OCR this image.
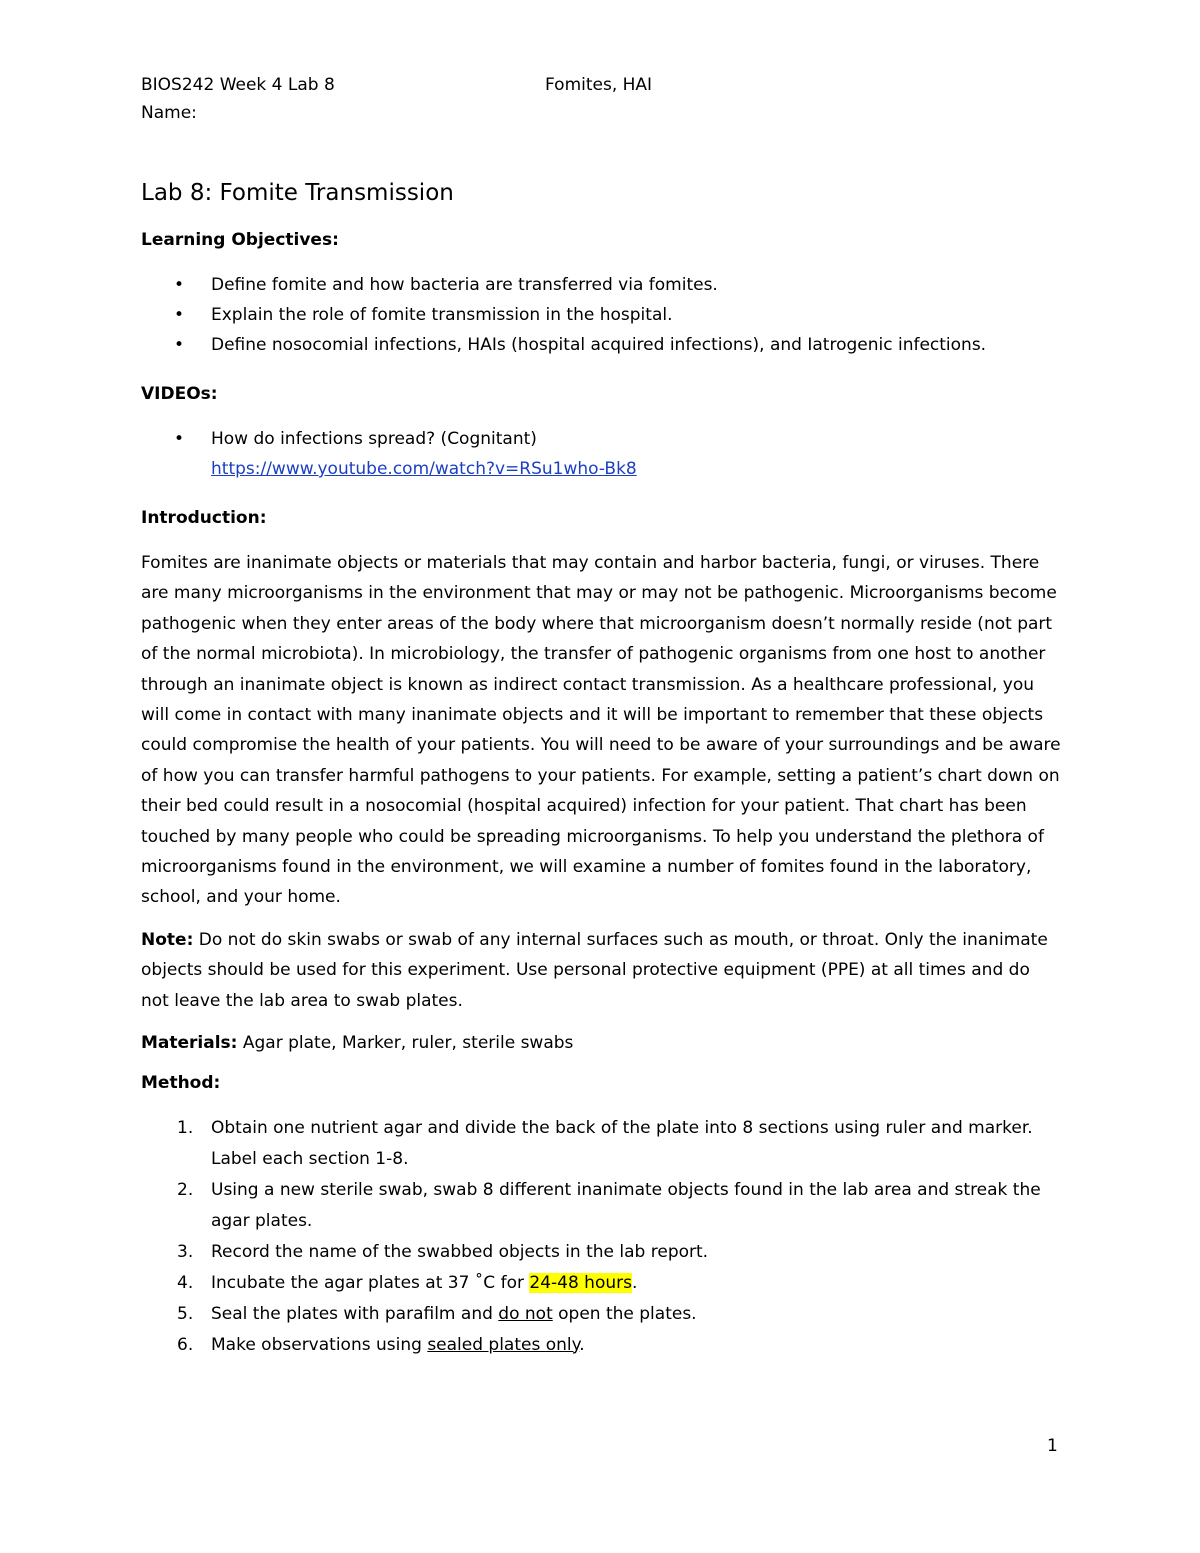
BIOS242 Week 4 Lab 8	Fomites, HAI
Name:
Lab 8: Fomite Transmission
Learning Objectives:
• Define fomite and how bacteria are transferred via fomites.
• Explain the role of fomite transmission in the hospital.
• Define nosocomial infections, HAIs (hospital acquired infections), and Iatrogenic infections.
VIDEOs:
• How do infections spread? (Cognitant)
https://www.youtube.com/watch?v=RSu1who-Bk8
Introduction:

Fomites are inanimate objects or materials that may contain and harbor bacteria, fungi, or viruses. There are many microorganisms in the environment that may or may not be pathogenic. Microorganisms become pathogenic when they enter areas of the body where that microorganism doesn’t normally reside (not part of the normal microbiota). In microbiology, the transfer of pathogenic organisms from one host to another through an inanimate object is known as indirect contact transmission. As a healthcare professional, you will come in contact with many inanimate objects and it will be important to remember that these objects could compromise the health of your patients. You will need to be aware of your surroundings and be aware of how you can transfer harmful pathogens to your patients. For example, setting a patient’s chart down on their bed could result in a nosocomial (hospital acquired) infection for your patient. That chart has been touched by many people who could be spreading microorganisms. To help you understand the plethora of microorganisms found in the environment, we will examine a number of fomites found in the laboratory, school, and your home.

Note: Do not do skin swabs or swab of any internal surfaces such as mouth, or throat. Only the inanimate objects should be used for this experiment. Use personal protective equipment (PPE) at all times and do not leave the lab area to swab plates.

Materials: Agar plate, Marker, ruler, sterile swabs

Method:
1. Obtain one nutrient agar and divide the back of the plate into 8 sections using ruler and marker. Label each section 1-8.
2. Using a new sterile swab, swab 8 different inanimate objects found in the lab area and streak the agar plates.
3. Record the name of the swabbed objects in the lab report.
4. Incubate the agar plates at 37 ˚C for 24-48 hours.
5. Seal the plates with parafilm and do not open the plates.
6. Make observations using sealed plates only.
1
